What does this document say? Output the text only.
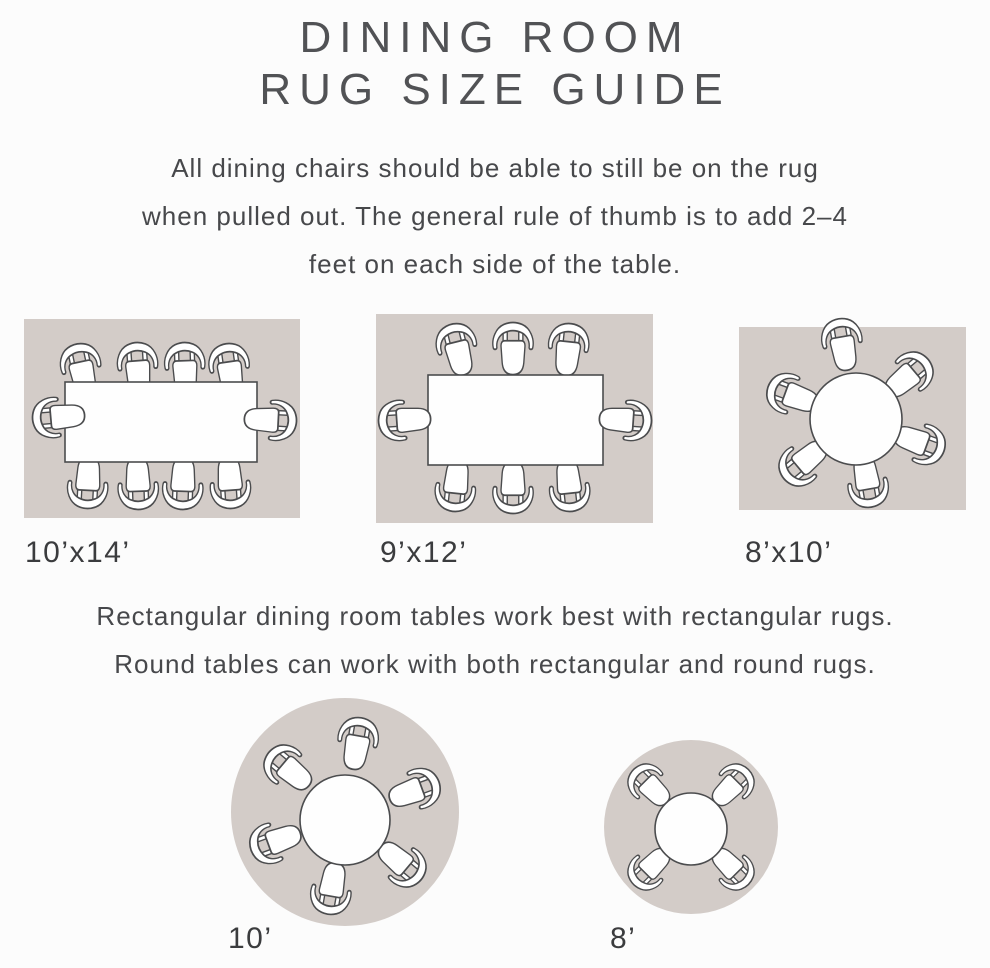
DINING ROOM
RUG SIZE GUIDE

All dining chairs should be able to still be on the rug
when pulled out. The general rule of thumb is to add 2–4
feet on each side of the table.

10’x14’	9’x12’	8’x10’

Rectangular dining room tables work best with rectangular rugs.
Round tables can work with both rectangular and round rugs.

10’	8’
